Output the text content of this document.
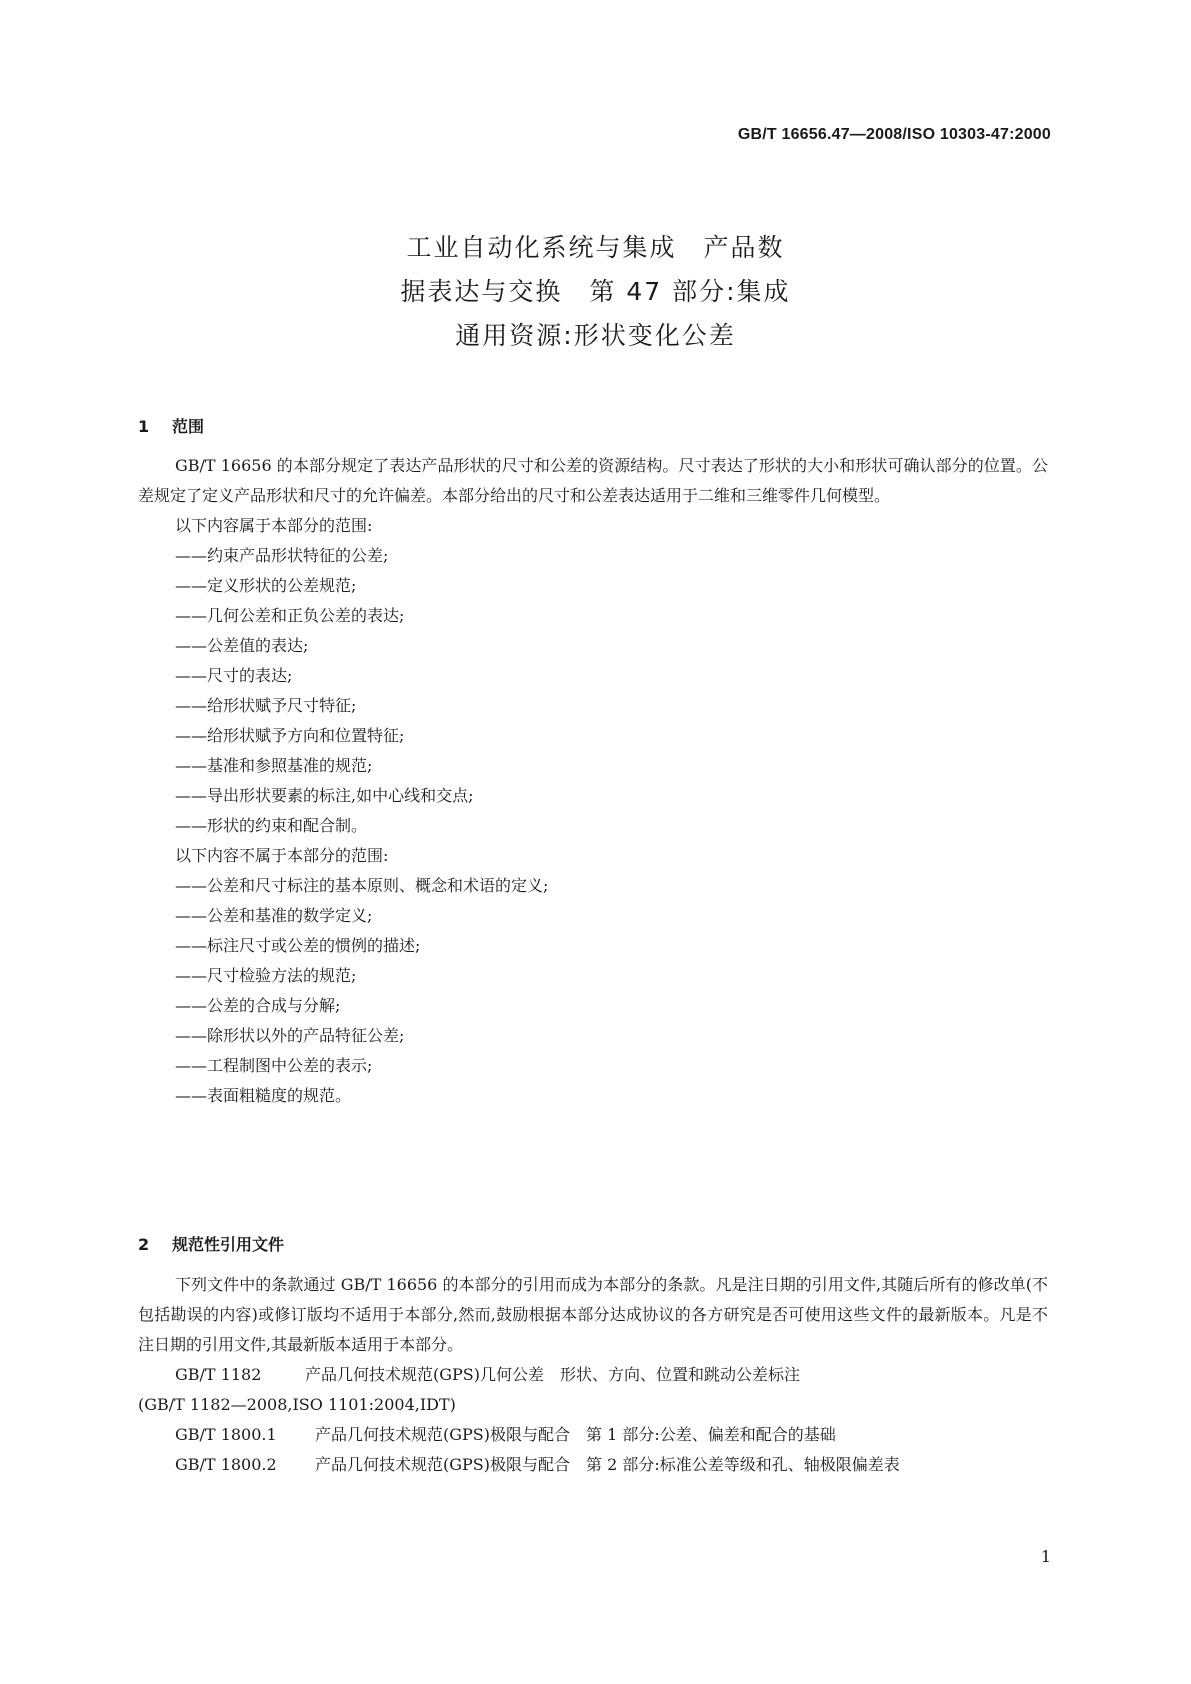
GB/T 16656.47—2008/ISO 10303-47:2000
工业自动化系统与集成　产品数
据表达与交换　第 47 部分:集成
通用资源:形状变化公差
1 范围
GB/T 16656 的本部分规定了表达产品形状的尺寸和公差的资源结构。尺寸表达了形状的大小和形状可确认部分的位置。公差规定了定义产品形状和尺寸的允许偏差。本部分给出的尺寸和公差表达适用于二维和三维零件几何模型。
以下内容属于本部分的范围:
——约束产品形状特征的公差;
——定义形状的公差规范;
——几何公差和正负公差的表达;
——公差值的表达;
——尺寸的表达;
——给形状赋予尺寸特征;
——给形状赋予方向和位置特征;
——基准和参照基准的规范;
——导出形状要素的标注,如中心线和交点;
——形状的约束和配合制。
以下内容不属于本部分的范围:
——公差和尺寸标注的基本原则、概念和术语的定义;
——公差和基准的数学定义;
——标注尺寸或公差的惯例的描述;
——尺寸检验方法的规范;
——公差的合成与分解;
——除形状以外的产品特征公差;
——工程制图中公差的表示;
——表面粗糙度的规范。
2 规范性引用文件
下列文件中的条款通过 GB/T 16656 的本部分的引用而成为本部分的条款。凡是注日期的引用文件,其随后所有的修改单(不包括勘误的内容)或修订版均不适用于本部分,然而,鼓励根据本部分达成协议的各方研究是否可使用这些文件的最新版本。凡是不注日期的引用文件,其最新版本适用于本部分。
GB/T 1182	产品几何技术规范(GPS)几何公差　形状、方向、位置和跳动公差标注
(GB/T 1182—2008,ISO 1101:2004,IDT)
GB/T 1800.1 产品几何技术规范(GPS)极限与配合　第 1 部分:公差、偏差和配合的基础
GB/T 1800.2 产品几何技术规范(GPS)极限与配合　第 2 部分:标准公差等级和孔、轴极限偏差表
1
